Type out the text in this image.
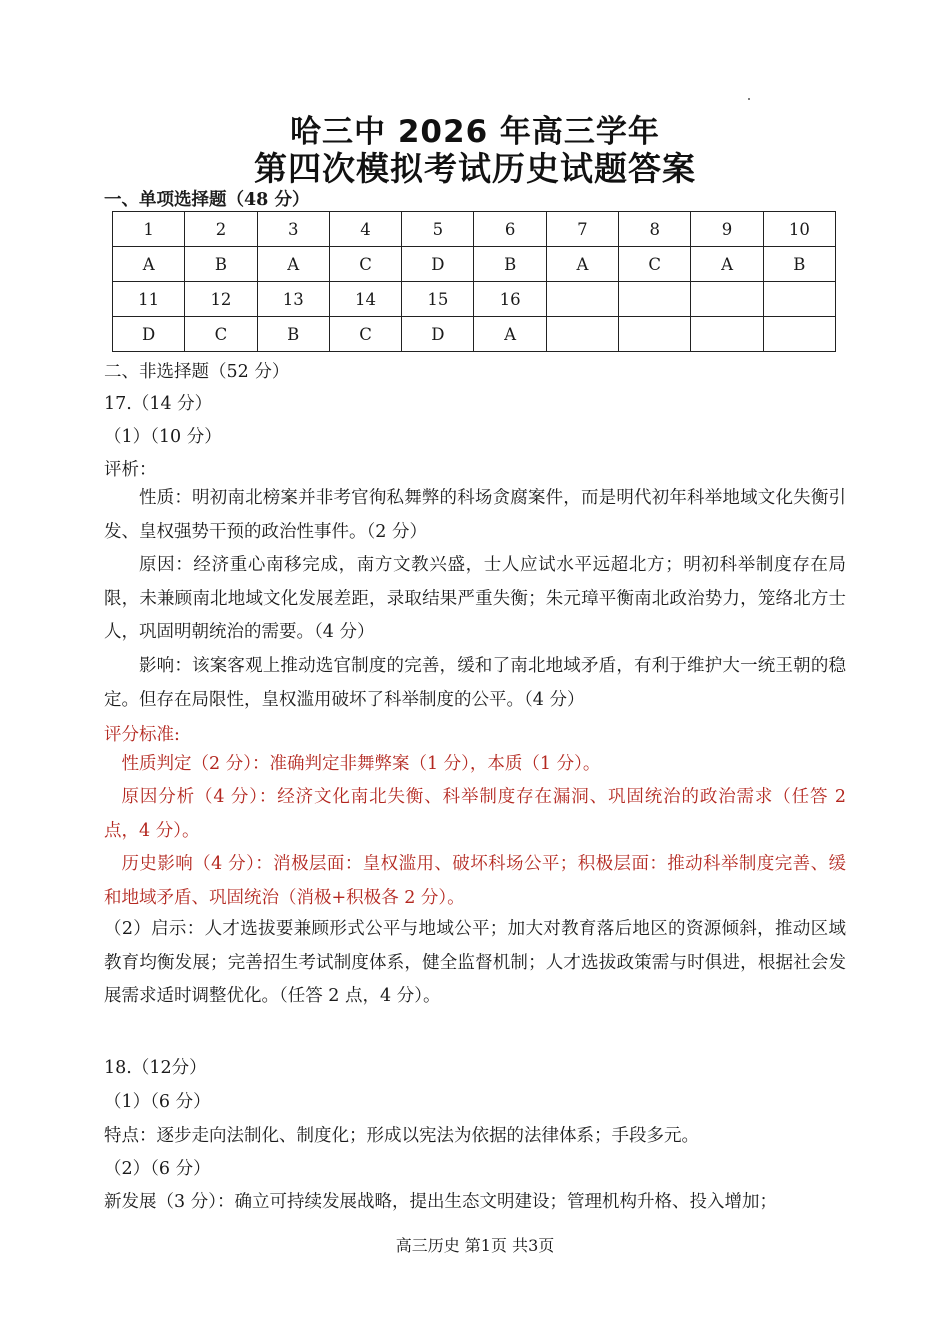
哈三中 2026 年高三学年
第四次模拟考试历史试题答案
一、单项选择题（48 分）
1	2	3	4	5	6	7	8	9	10
A	B	A	C	D	B	A	C	A	B
11	12	13	14	15	16				
D	C	B	C	D	A				
二、非选择题（52 分）
17.（14 分）
（1）（10 分）
评析：
性质：明初南北榜案并非考官徇私舞弊的科场贪腐案件，而是明代初年科举地域文化失衡引发、皇权强势干预的政治性事件。（2 分）
原因：经济重心南移完成，南方文教兴盛，士人应试水平远超北方；明初科举制度存在局限，未兼顾南北地域文化发展差距，录取结果严重失衡；朱元璋平衡南北政治势力，笼络北方士人，巩固明朝统治的需要。（4 分）
影响：该案客观上推动选官制度的完善，缓和了南北地域矛盾，有利于维护大一统王朝的稳定。但存在局限性，皇权滥用破坏了科举制度的公平。（4 分）
评分标准:
性质判定（2 分）：准确判定非舞弊案（1 分），本质（1 分）。
原因分析（4 分）：经济文化南北失衡、科举制度存在漏洞、巩固统治的政治需求（任答 2 点，4 分）。
历史影响（4 分）：消极层面：皇权滥用、破坏科场公平；积极层面：推动科举制度完善、缓和地域矛盾、巩固统治（消极+积极各 2 分）。
（2）启示：人才选拔要兼顾形式公平与地域公平；加大对教育落后地区的资源倾斜，推动区域教育均衡发展；完善招生考试制度体系，健全监督机制；人才选拔政策需与时俱进，根据社会发展需求适时调整优化。（任答 2 点，4 分）。
18.（12分）
（1）（6 分）
特点：逐步走向法制化、制度化；形成以宪法为依据的法律体系；手段多元。
（2）（6 分）
新发展（3 分）：确立可持续发展战略，提出生态文明建设；管理机构升格、投入增加；
高三历史 第1页 共3页
